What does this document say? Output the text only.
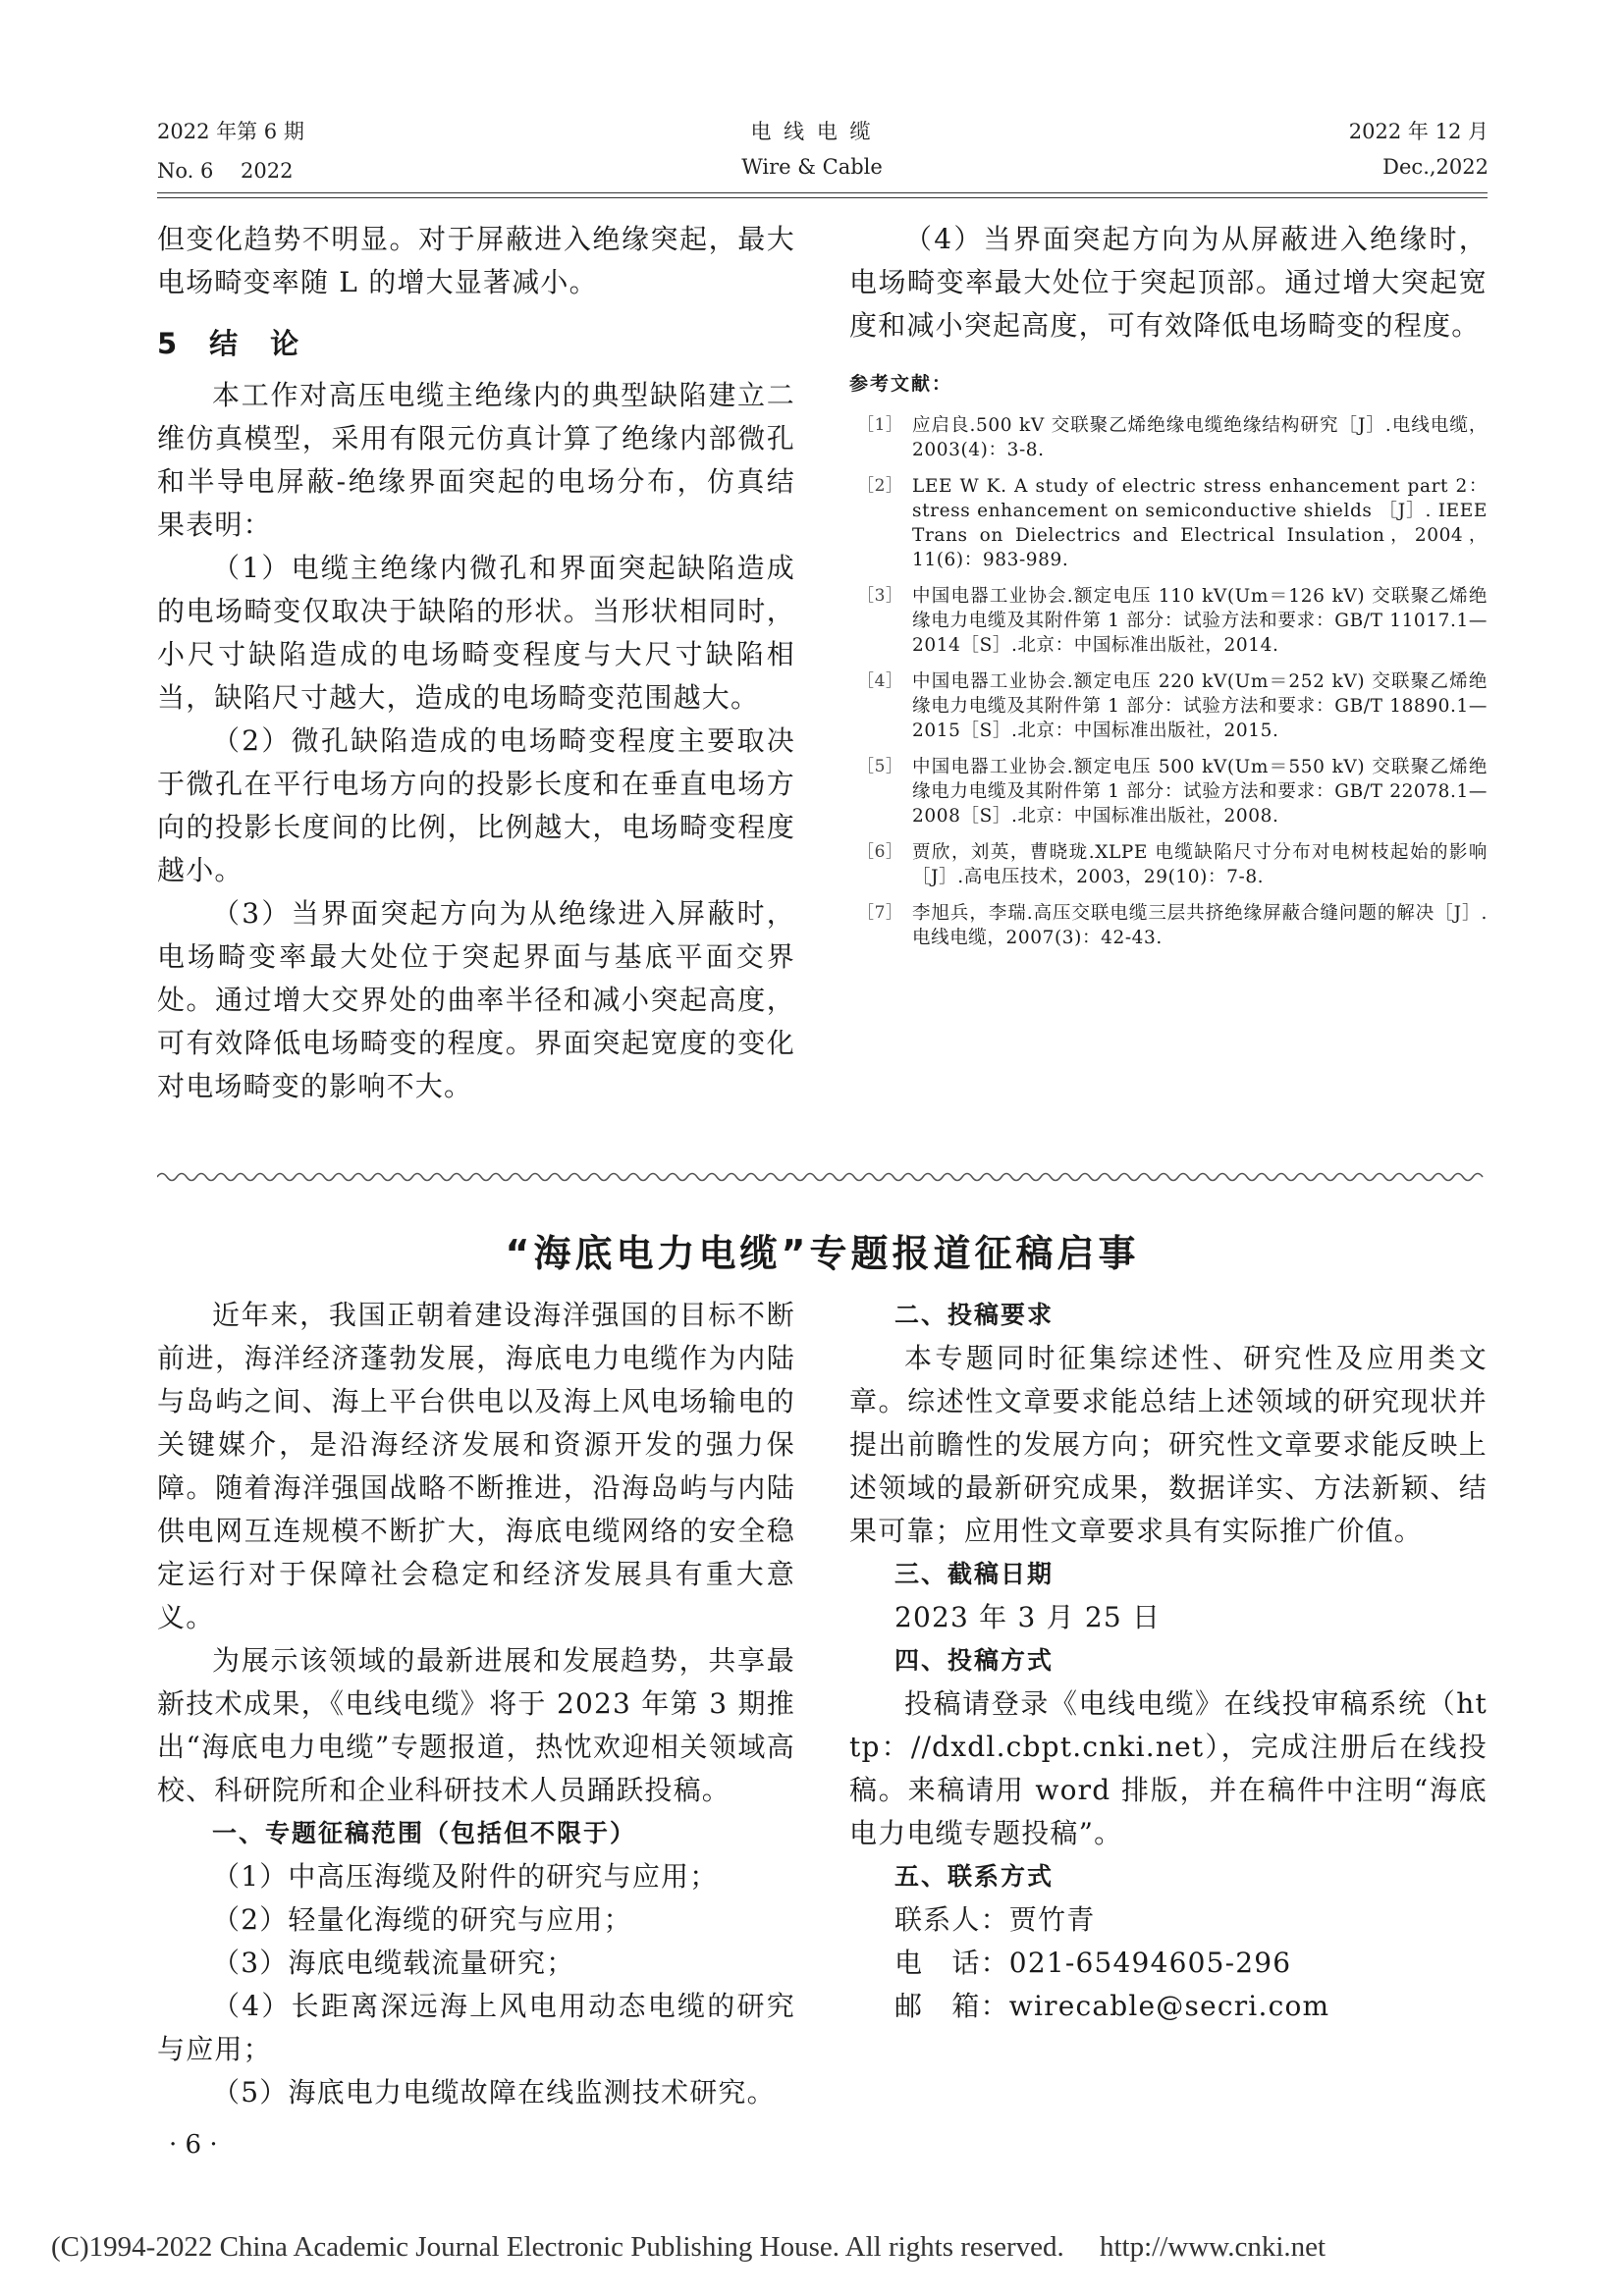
2022 年第 6 期
No. 6　 2022
电 线 电 缆
Wire & Cable
2022 年 12 月
Dec.,2022

但变化趋势不明显。对于屏蔽进入绝缘突起，最大电场畸变率随 L 的增大显著减小。

5　结　论

本工作对高压电缆主绝缘内的典型缺陷建立二维仿真模型，采用有限元仿真计算了绝缘内部微孔和半导电屏蔽-绝缘界面突起的电场分布，仿真结果表明：

（1）电缆主绝缘内微孔和界面突起缺陷造成的电场畸变仅取决于缺陷的形状。当形状相同时，小尺寸缺陷造成的电场畸变程度与大尺寸缺陷相当，缺陷尺寸越大，造成的电场畸变范围越大。

（2）微孔缺陷造成的电场畸变程度主要取决于微孔在平行电场方向的投影长度和在垂直电场方向的投影长度间的比例，比例越大，电场畸变程度越小。

（3）当界面突起方向为从绝缘进入屏蔽时，电场畸变率最大处位于突起界面与基底平面交界处。通过增大交界处的曲率半径和减小突起高度，可有效降低电场畸变的程度。界面突起宽度的变化对电场畸变的影响不大。

（4）当界面突起方向为从屏蔽进入绝缘时，电场畸变率最大处位于突起顶部。通过增大突起宽度和减小突起高度，可有效降低电场畸变的程度。

参考文献：

［1］ 应启良.500 kV 交联聚乙烯绝缘电缆绝缘结构研究［J］.电线电缆，2003(4)：3-8.

［2］ LEE W K. A study of electric stress enhancement part 2：stress enhancement on semiconductive shields ［J］. IEEE Trans on Dielectrics and Electrical Insulation，2004，11(6)：983-989.

［3］ 中国电器工业协会.额定电压 110 kV(Um＝126 kV) 交联聚乙烯绝缘电力电缆及其附件第 1 部分：试验方法和要求：GB/T 11017.1—2014［S］.北京：中国标准出版社，2014.

［4］ 中国电器工业协会.额定电压 220 kV(Um＝252 kV) 交联聚乙烯绝缘电力电缆及其附件第 1 部分：试验方法和要求：GB/T 18890.1—2015［S］.北京：中国标准出版社，2015.

［5］ 中国电器工业协会.额定电压 500 kV(Um＝550 kV) 交联聚乙烯绝缘电力电缆及其附件第 1 部分：试验方法和要求：GB/T 22078.1—2008［S］.北京：中国标准出版社，2008.

［6］ 贾欣，刘英，曹晓珑.XLPE 电缆缺陷尺寸分布对电树枝起始的影响［J］.高电压技术，2003，29(10)：7-8.

［7］ 李旭兵，李瑞.高压交联电缆三层共挤绝缘屏蔽合缝问题的解决［J］.电线电缆，2007(3)：42-43.

“海底电力电缆”专题报道征稿启事

近年来，我国正朝着建设海洋强国的目标不断前进，海洋经济蓬勃发展，海底电力电缆作为内陆与岛屿之间、海上平台供电以及海上风电场输电的关键媒介，是沿海经济发展和资源开发的强力保障。随着海洋强国战略不断推进，沿海岛屿与内陆供电网互连规模不断扩大，海底电缆网络的安全稳定运行对于保障社会稳定和经济发展具有重大意义。

为展示该领域的最新进展和发展趋势，共享最新技术成果，《电线电缆》将于 2023 年第 3 期推出“海底电力电缆”专题报道，热忱欢迎相关领域高校、科研院所和企业科研技术人员踊跃投稿。

一、专题征稿范围（包括但不限于）

（1）中高压海缆及附件的研究与应用；

（2）轻量化海缆的研究与应用；

（3）海底电缆载流量研究；

（4）长距离深远海上风电用动态电缆的研究与应用；

（5）海底电力电缆故障在线监测技术研究。

二、投稿要求

本专题同时征集综述性、研究性及应用类文章。综述性文章要求能总结上述领域的研究现状并提出前瞻性的发展方向；研究性文章要求能反映上述领域的最新研究成果，数据详实、方法新颖、结果可靠；应用性文章要求具有实际推广价值。

三、截稿日期

2023 年 3 月 25 日

四、投稿方式

投稿请登录《电线电缆》在线投审稿系统（http：//dxdl.cbpt.cnki.net），完成注册后在线投稿。来稿请用 word 排版，并在稿件中注明“海底电力电缆专题投稿”。

五、联系方式

联系人：贾竹青

电　话：021-65494605-296

邮　箱：wirecable@secri.com

· 6 ·
(C)1994-2022 China Academic Journal Electronic Publishing House. All rights reserved.　 http://www.cnki.net
